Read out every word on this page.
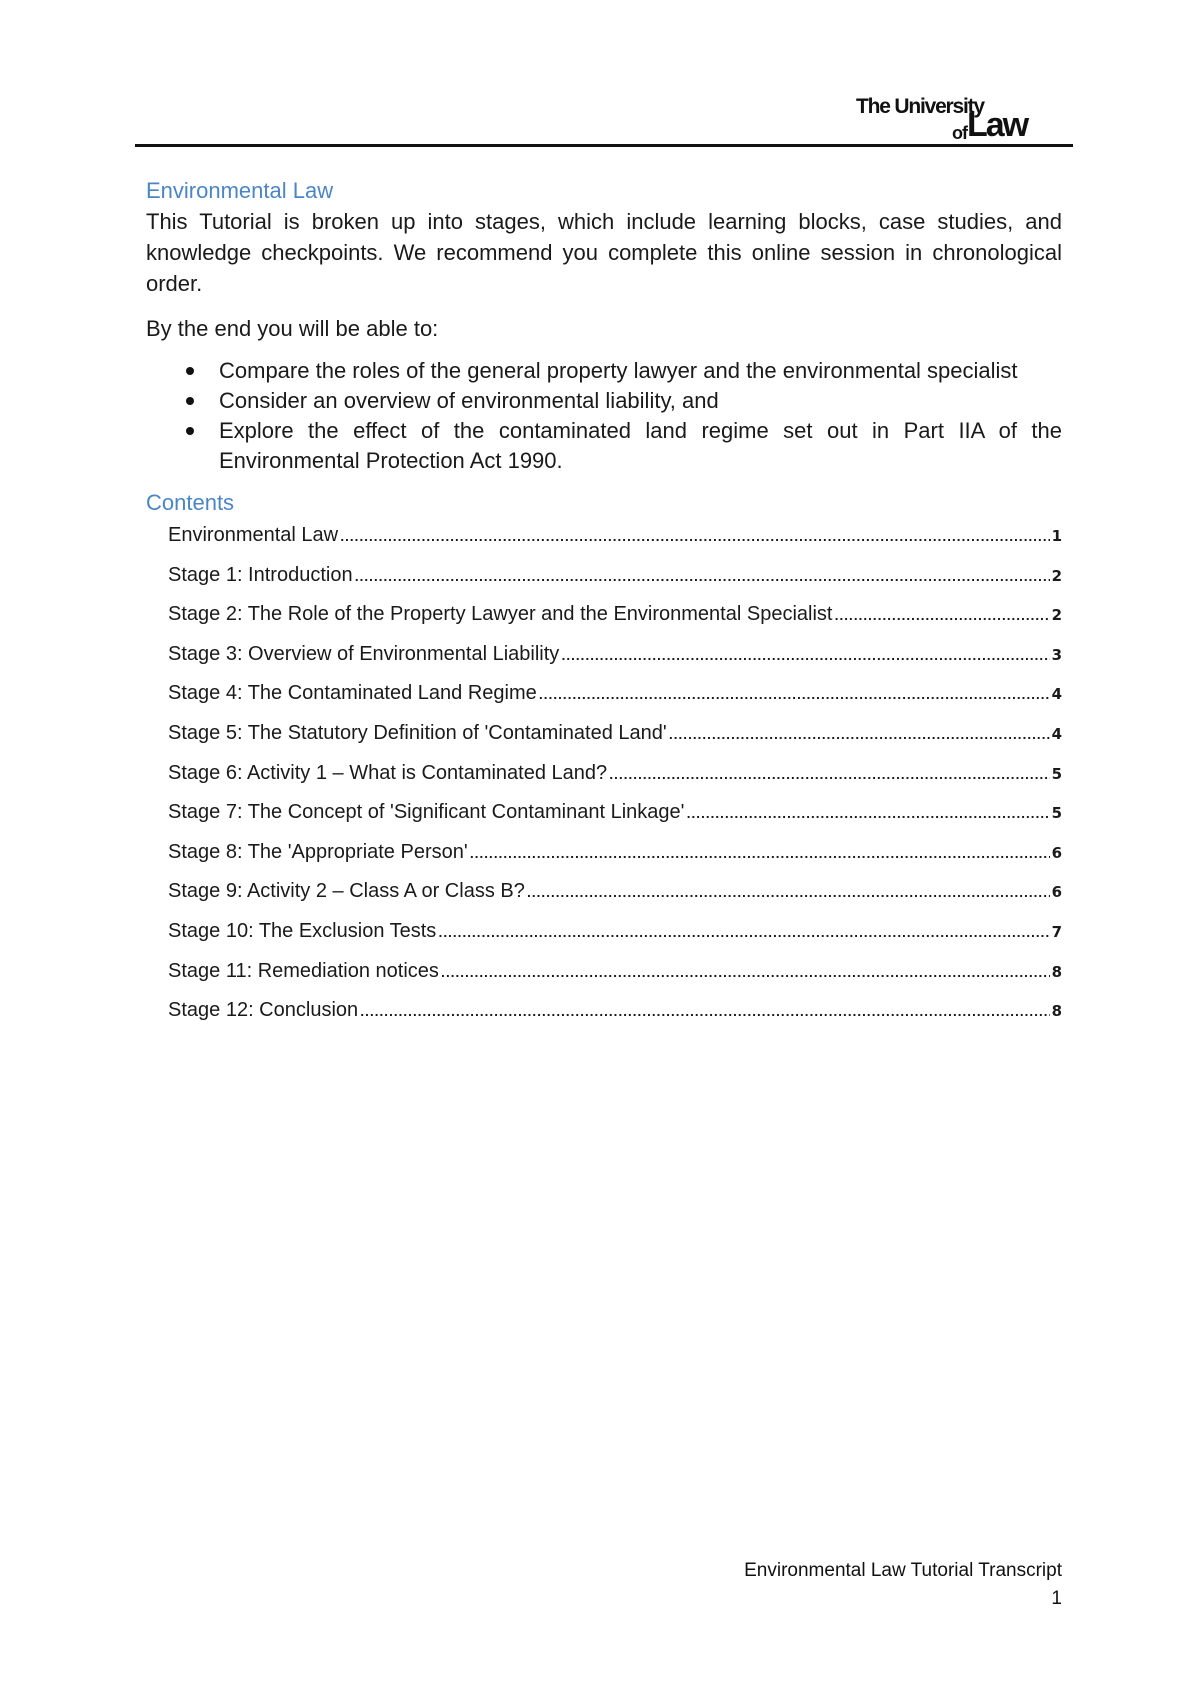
The University
ofLaw
Environmental Law

This Tutorial is broken up into stages, which include learning blocks, case studies, and knowledge checkpoints. We recommend you complete this online session in chronological order.

By the end you will be able to:

Compare the roles of the general property lawyer and the environmental specialist
Consider an overview of environmental liability, and
Explore the effect of the contaminated land regime set out in Part IIA of the Environmental Protection Act 1990.
Contents
Environmental Law .....	1
Stage 1: Introduction .....	2
Stage 2: The Role of the Property Lawyer and the Environmental Specialist .....	2
Stage 3: Overview of Environmental Liability .....	3
Stage 4: The Contaminated Land Regime .....	4
Stage 5: The Statutory Definition of 'Contaminated Land' .....	4
Stage 6: Activity 1 – What is Contaminated Land? .....	5
Stage 7: The Concept of 'Significant Contaminant Linkage' .....	5
Stage 8: The 'Appropriate Person' .....	6
Stage 9: Activity 2 – Class A or Class B? .....	6
Stage 10: The Exclusion Tests .....	7
Stage 11: Remediation notices .....	8
Stage 12: Conclusion .....	8
Environmental Law Tutorial Transcript
1
